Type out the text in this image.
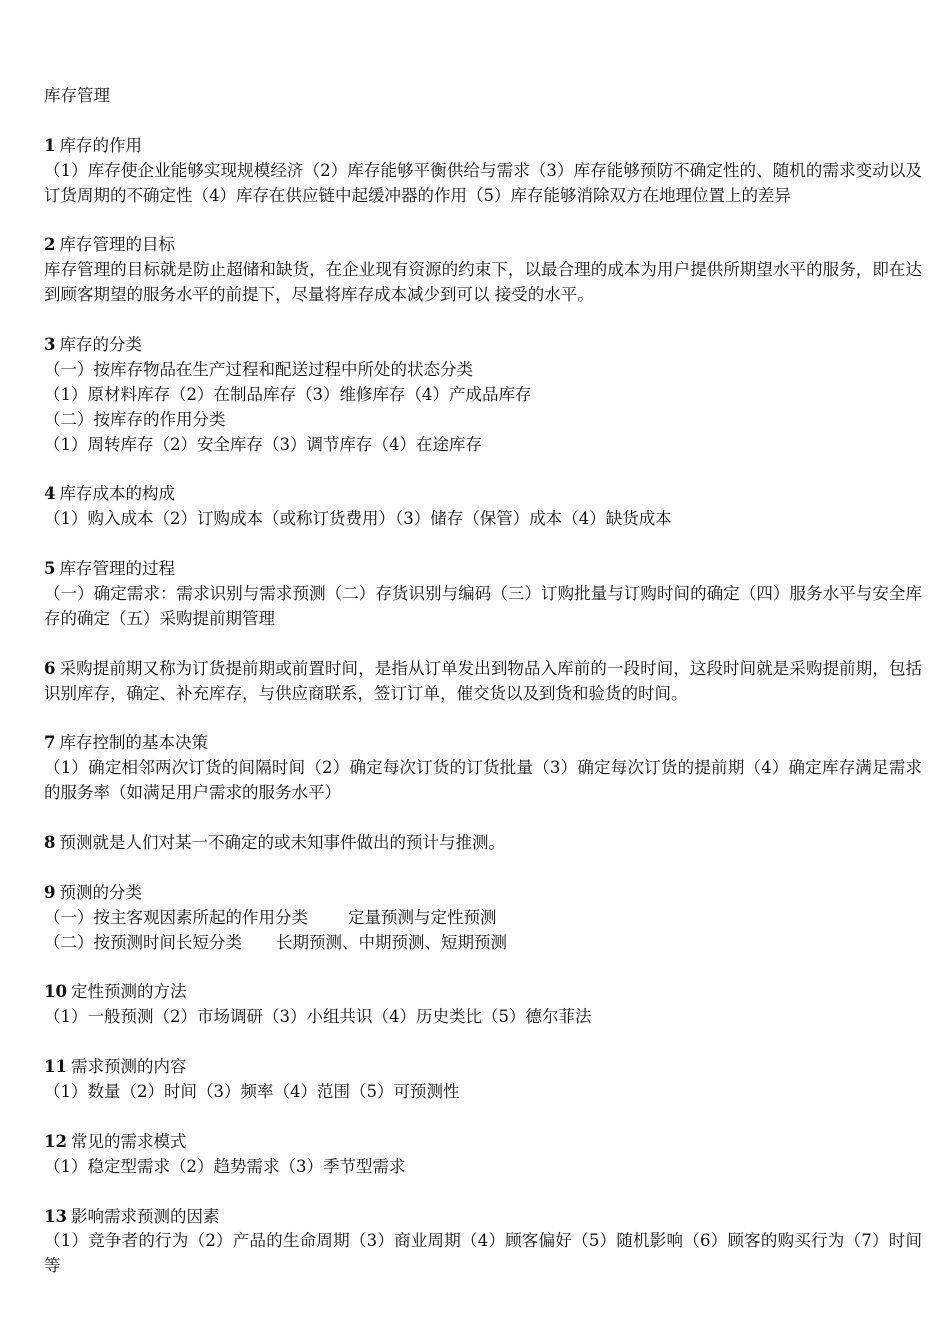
库存管理
1 库存的作用
（1）库存使企业能够实现规模经济（2）库存能够平衡供给与需求（3）库存能够预防不确定性的、随机的需求变动以及订货周期的不确定性（4）库存在供应链中起缓冲器的作用（5）库存能够消除双方在地理位置上的差异
2 库存管理的目标
库存管理的目标就是防止超储和缺货，在企业现有资源的约束下，以最合理的成本为用户提供所期望水平的服务，即在达到顾客期望的服务水平的前提下，尽量将库存成本减少到可以 接受的水平。
3 库存的分类
（一）按库存物品在生产过程和配送过程中所处的状态分类
（1）原材料库存（2）在制品库存（3）维修库存（4）产成品库存
（二）按库存的作用分类
（1）周转库存（2）安全库存（3）调节库存（4）在途库存
4 库存成本的构成
（1）购入成本（2）订购成本（或称订货费用）（3）储存（保管）成本（4）缺货成本
5 库存管理的过程
（一）确定需求：需求识别与需求预测（二）存货识别与编码（三）订购批量与订购时间的确定（四）服务水平与安全库存的确定（五）采购提前期管理
6 采购提前期又称为订货提前期或前置时间，是指从订单发出到物品入库前的一段时间，这段时间就是采购提前期，包括识别库存，确定、补充库存，与供应商联系，签订订单，催交货以及到货和验货的时间。
7 库存控制的基本决策
（1）确定相邻两次订货的间隔时间（2）确定每次订货的订货批量（3）确定每次订货的提前期（4）确定库存满足需求的服务率（如满足用户需求的服务水平）
8 预测就是人们对某一不确定的或未知事件做出的预计与推测。
9 预测的分类
（一）按主客观因素所起的作用分类 定量预测与定性预测
（二）按预测时间长短分类 长期预测、中期预测、短期预测
10 定性预测的方法
（1）一般预测（2）市场调研（3）小组共识（4）历史类比（5）德尔菲法
11 需求预测的内容
（1）数量（2）时间（3）频率（4）范围（5）可预测性
12 常见的需求模式
（1）稳定型需求（2）趋势需求（3）季节型需求
13 影响需求预测的因素
（1）竞争者的行为（2）产品的生命周期（3）商业周期（4）顾客偏好（5）随机影响（6）顾客的购买行为（7）时间等
